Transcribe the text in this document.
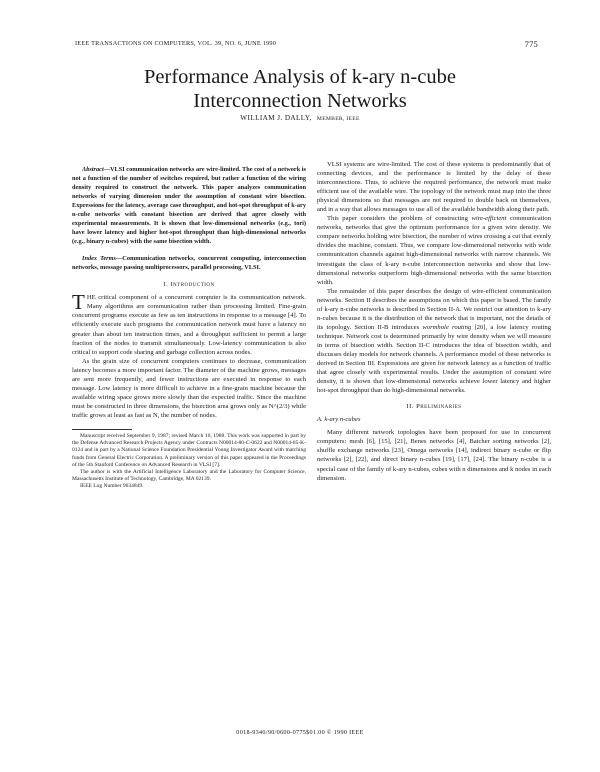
IEEE TRANSACTIONS ON COMPUTERS, VOL. 39, NO. 6, JUNE 1990	775
Performance Analysis of k-ary n-cube
Interconnection Networks
WILLIAM J. DALLY, MEMBER, IEEE

Abstract—VLSI communication networks are wire-limited. The cost of a network is not a function of the number of switches required, but rather a function of the wiring density required to construct the network. This paper analyzes communication networks of varying dimension under the assumption of constant wire bisection. Expressions for the latency, average case throughput, and hot-spot throughput of k-ary n-cube networks with constant bisection are derived that agree closely with experimental measurements. It is shown that low-dimensional networks (e.g., tori) have lower latency and higher hot-spot throughput than high-dimensional networks (e.g., binary n-cubes) with the same bisection width.

Index Terms—Communication networks, concurrent computing, interconnection networks, message passing multiprocessors, parallel processing, VLSI.

I. Introduction

THE critical component of a concurrent computer is its communication network. Many algorithms are communication rather than processing limited. Fine-grain concurrent programs execute as few as ten instructions in response to a message [4]. To efficiently execute such programs the communication network must have a latency no greater than about ten instruction times, and a throughput sufficient to permit a large fraction of the nodes to transmit simultaneously. Low-latency communication is also critical to support code sharing and garbage collection across nodes.

As the grain size of concurrent computers continues to decrease, communication latency becomes a more important factor. The diameter of the machine grows, messages are sent more frequently, and fewer instructions are executed in response to each message. Low latency is more difficult to achieve in a fine-grain machine because the available wiring space grows more slowly than the expected traffic. Since the machine must be constructed in three dimensions, the bisection area grows only as N^(2/3) while traffic grows at least as fast as N, the number of nodes.

Manuscript received September 9, 1987; revised March 16, 1988. This work was supported in part by the Defense Advanced Research Projects Agency under Contracts N00014-80-C-0622 and N00014-85-K-0124 and in part by a National Science Foundation Presidential Young Investigator Award with matching funds from General Electric Corporation. A preliminary version of this paper appeared in the Proceedings of the 5th Stanford Conference on Advanced Research in VLSI [7].

The author is with the Artificial Intelligence Laboratory and the Laboratory for Computer Science, Massachusetts Institute of Technology, Cambridge, MA 02139.

IEEE Log Number 9034849.

VLSI systems are wire-limited. The cost of these systems is predominantly that of connecting devices, and the performance is limited by the delay of these interconnections. Thus, to achieve the required performance, the network must make efficient use of the available wire. The topology of the network must map into the three physical dimensions so that messages are not required to double back on themselves, and in a way that allows messages to use all of the available bandwidth along their path.

This paper considers the problem of constructing wire-efficient communication networks, networks that give the optimum performance for a given wire density. We compare networks holding wire bisection, the number of wires crossing a cut that evenly divides the machine, constant. Thus, we compare low-dimensional networks with wide communication channels against high-dimensional networks with narrow channels. We investigate the class of k-ary n-cube interconnection networks and show that low-dimensional networks outperform high-dimensional networks with the same bisection width.

The remainder of this paper describes the design of wire-efficient communication networks. Section II describes the assumptions on which this paper is based. The family of k-ary n-cube networks is described in Section II-A. We restrict our attention to k-ary n-cubes because it is the distribution of the network that is important, not the details of its topology. Section II-B introduces wormhole routing [20], a low latency routing technique. Network cost is determined primarily by wire density when we will measure in terms of bisection width. Section II-C introduces the idea of bisection width, and discusses delay models for network channels. A performance model of these networks is derived in Section III. Expressions are given for network latency as a function of traffic that agree closely with experimental results. Under the assumption of constant wire density, it is shown that low-dimensional networks achieve lower latency and higher hot-spot throughput than do high-dimensional networks.

II. Preliminaries
A. k-ary n-cubes

Many different network topologies have been proposed for use in concurrent computers: mesh [6], [15], [21], Benes networks [4], Batcher sorting networks [2], shuffle exchange networks [23], Omega networks [14], indirect binary n-cube or flip networks [2], [22], and direct binary n-cubes [19], [17], [24]. The binary n-cube is a special case of the family of k-ary n-cubes, cubes with n dimensions and k nodes in each dimension.

0018-9340/90/0600-0775$01.00 © 1990 IEEE
